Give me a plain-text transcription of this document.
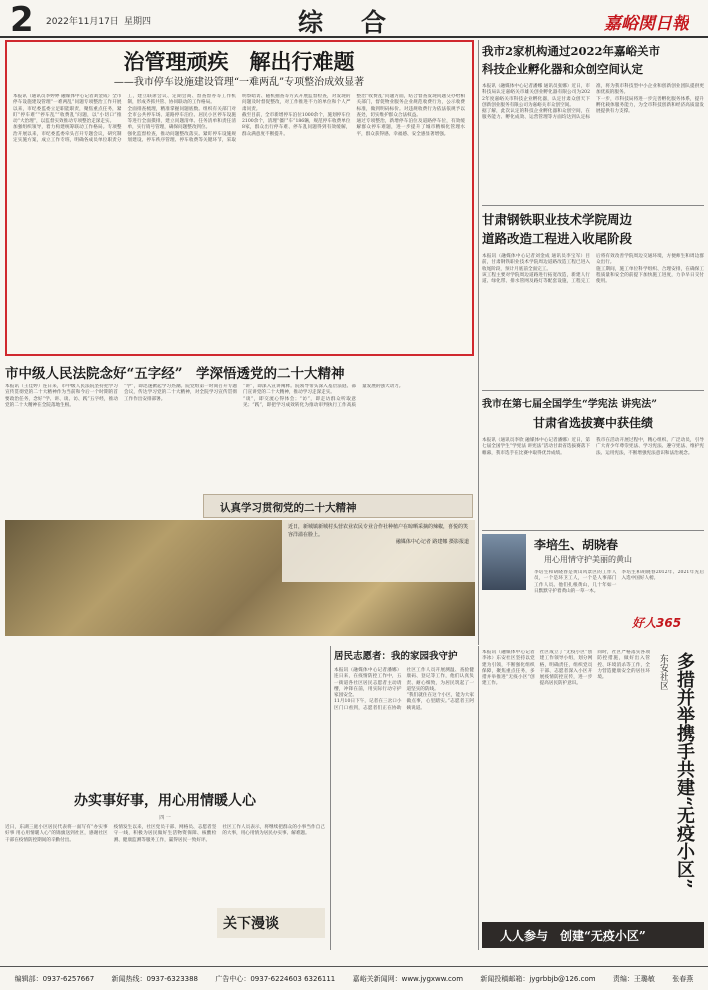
2 2022年11月17日 星期四	综合	嘉峪関日報
治管理顽疾　解出行难题
——我市停车设施建设管理“一难两乱”专项整治成效显著

本报讯（通讯员李婷婷 融媒体中心记者刘金成）全市停车设施建设管理“一难两乱”问题专项整治工作开展以来，市纪委监委立足职能职责，聚焦重点任务，紧盯“停车难”“停车乱”“收费乱”问题，以“小切口”推动“大治理”，以监督实效推动专项整治走深走实。

加强组织领导，着力构建统筹联动工作格局。专项整治开展以来，市纪委监委牵头召开专题会议，研究制定实施方案，成立工作专班，明确各成员单位职责分工，建立联席会议、定期会商、督查督办等工作机制，形成齐抓共管、协同联动的工作格局。

全面排查梳理，精准掌握问题底数。组织有关部门对全市公共停车场、道路停车泊位、居民小区停车设施等进行全面摸排，建立问题清单、任务清单和责任清单，实行销号管理，确保问题整改到位。

强化监督检查，推动问题整改落实。紧盯停车设施规划建设、停车秩序管理、停车收费等关键环节，采取明察暗访、随机抽查等方式开展监督检查，对发现的问题及时督促整改，对工作推进不力的单位和个人严肃问责。

截至目前，全市新增停车泊位1000余个，施划停车位2100余个，清理“僵尸车”186辆，规范停车收费单位8家，群众出行停车难、停车乱问题得到有效缓解，群众满意度不断提升。

整治“收费乱”问题方面，结合督查发现问题交办给相关部门，督促物业服务企业规范收费行为，公示收费标准，做到明码标价。对违规收费行为依法依规予以查处，切实维护群众合法权益。

通过专项整治，新增停车泊位及道路停车位，有效缓解群众停车难题，进一步提升了城市精细化管理水平，群众获得感、幸福感、安全感显著增强。

我市2家机构通过2022年嘉峪关市
科技企业孵化器和众创空间认定

本报讯（融媒体中心记者潘娜 通讯员张娜）近日，市科技局认定嘉峪关市雄关创业孵化器有限公司为2022年度嘉峪关市科技企业孵化器，认定甘肃众创天下创新创业服务有限公司为嘉峪关市众创空间。

据了解，此次认定的科技企业孵化器和众创空间，在服务能力、孵化成效、运营管理等方面均达到认定标准，将为我市科技型中小企业和创新创业团队提供更加优质的服务。

下一步，市科技局将进一步完善孵化服务体系，提升孵化载体服务能力，为全市科技创新和经济高质量发展提供有力支撑。

甘肃钢铁职业技术学院周边
道路改造工程进入收尾阶段

本报讯（融媒体中心记者刘金成 通讯员李宝军）目前，甘肃钢铁职业技术学院周边道路改造工程已进入收尾阶段，预计月底前全面完工。

该工程主要对学院周边道路进行拓宽改造，新建人行道、绿化带、排水管网及路灯等配套设施，工程完工后将有效改善学院周边交通环境，方便师生和周边群众出行。

施工期间，施工单位科学组织、合理安排，在确保工程质量和安全的前提下加快施工进度，力争早日交付使用。

我市在第七届全国学生“学宪法 讲宪法”
甘肃省选拔赛中获佳绩

本报讯（通讯员李欣 融媒体中心记者潘娜）近日，第七届全国学生“学宪法 讲宪法”活动甘肃省选拔赛落下帷幕，我市选手在比赛中取得优异成绩。

我市在活动开展过程中，精心组织、广泛动员，引导广大青少年尊崇宪法、学习宪法、遵守宪法、维护宪法、运用宪法，不断增强宪法意识和法治观念。

李培生、胡晓春
用心用情守护美丽的黄山

李培生和胡晓春是黄山风景区的工作人员，一个是环卫工人，一个是人事部门工作人员。他们扎根黄山，几十年如一日默默守护着黄山的一草一木。

李培生和胡晓春2012年、2021年先后入选中国好人榜。

好人365
市中级人民法院念好“五字经”　学深悟透党的二十大精神

本报讯（王佳婷）连日来，市中级人民法院坚持把学习宣传贯彻党的二十大精神作为当前和今后一个时期的首要政治任务，念好“学、讲、谈、访、践”五字经，推动党的二十大精神在全院落地生根。

“学”，即迅速掀起学习热潮。院党组第一时间召开专题会议，传达学习党的二十大精神，对全院学习宣传贯彻工作作出安排部署。

“讲”，即深入宣讲阐释。院领导带头深入基层法庭、部门宣讲党的二十大精神，推动学习走深走实。

“谈”，即交流心得体会；“访”，即走访群众听取意见；“践”，即把学习成效转化为推动审判执行工作高质量发展的强大动力。

认真学习贯彻党的二十大精神

近日，新城镇新城村头营农业农民专业合作社种植户在晾晒采摘的辣椒，喜悦的笑容洋溢在脸上。

融媒体中心记者 路建娜 摄影报道

居民志愿者：我的家园我守护

本报讯（融媒体中心记者潘娜）连日来，在疫情防控工作中，五一街道各社区居民志愿者主动请缨，冲锋在前，用实际行动守护家园安全。

11月10日下午，记者在三岔口小区门口看到，志愿者们正在协助社区工作人员开展测温、查验健康码、登记等工作，他们认真负责、耐心细致，为居民筑起了一道坚实的防线。

“我们就住在这个小区，能为大家做点事，心里踏实。”志愿者王阿姨说道。

办实事好事，用心用情暖人心
四 一

近日，东湖三庭小区居民代表将一面写有“办实事好事 用心用情暖人心”的锦旗送到社区，感谢社区干部在疫情防控期间的辛勤付出。

疫情发生以来，社区党员干部、网格员、志愿者坚守一线，积极为居民做好生活物资保障、核酸检测、健康监测等服务工作，赢得居民一致好评。

社区工作人员表示，将继续把群众的小事当作自己的大事，用心用情为居民办实事、解难题。

关下漫谈

本报讯（融媒体中心记者李冰）东安社区坚持以党建为引领，不断强化组织保障，聚焦重点任务，多措并举推进“无疫小区”创建工作。

社区成立了“无疫小区”创建工作领导小组，划分网格，明确责任，组织党员干部、志愿者深入小区开展疫情防控宣传，进一步提高居民防护意识。

同时，社区严格落实各项防控措施，做好出入管控、环境消杀等工作，全力营造健康安全的居住环境。	东安社区 多措并举携手共建“无疫小区”
人人参与　创建“无疫小区”
编辑部：0937-6257667 新闻热线：0937-6323388 广告中心：0937-6224603 6326111 嘉峪关新闻网：www.jygxww.com 新闻投稿邮箱：jygrbbjb@126.com 责编：王璐敏 张春燕
